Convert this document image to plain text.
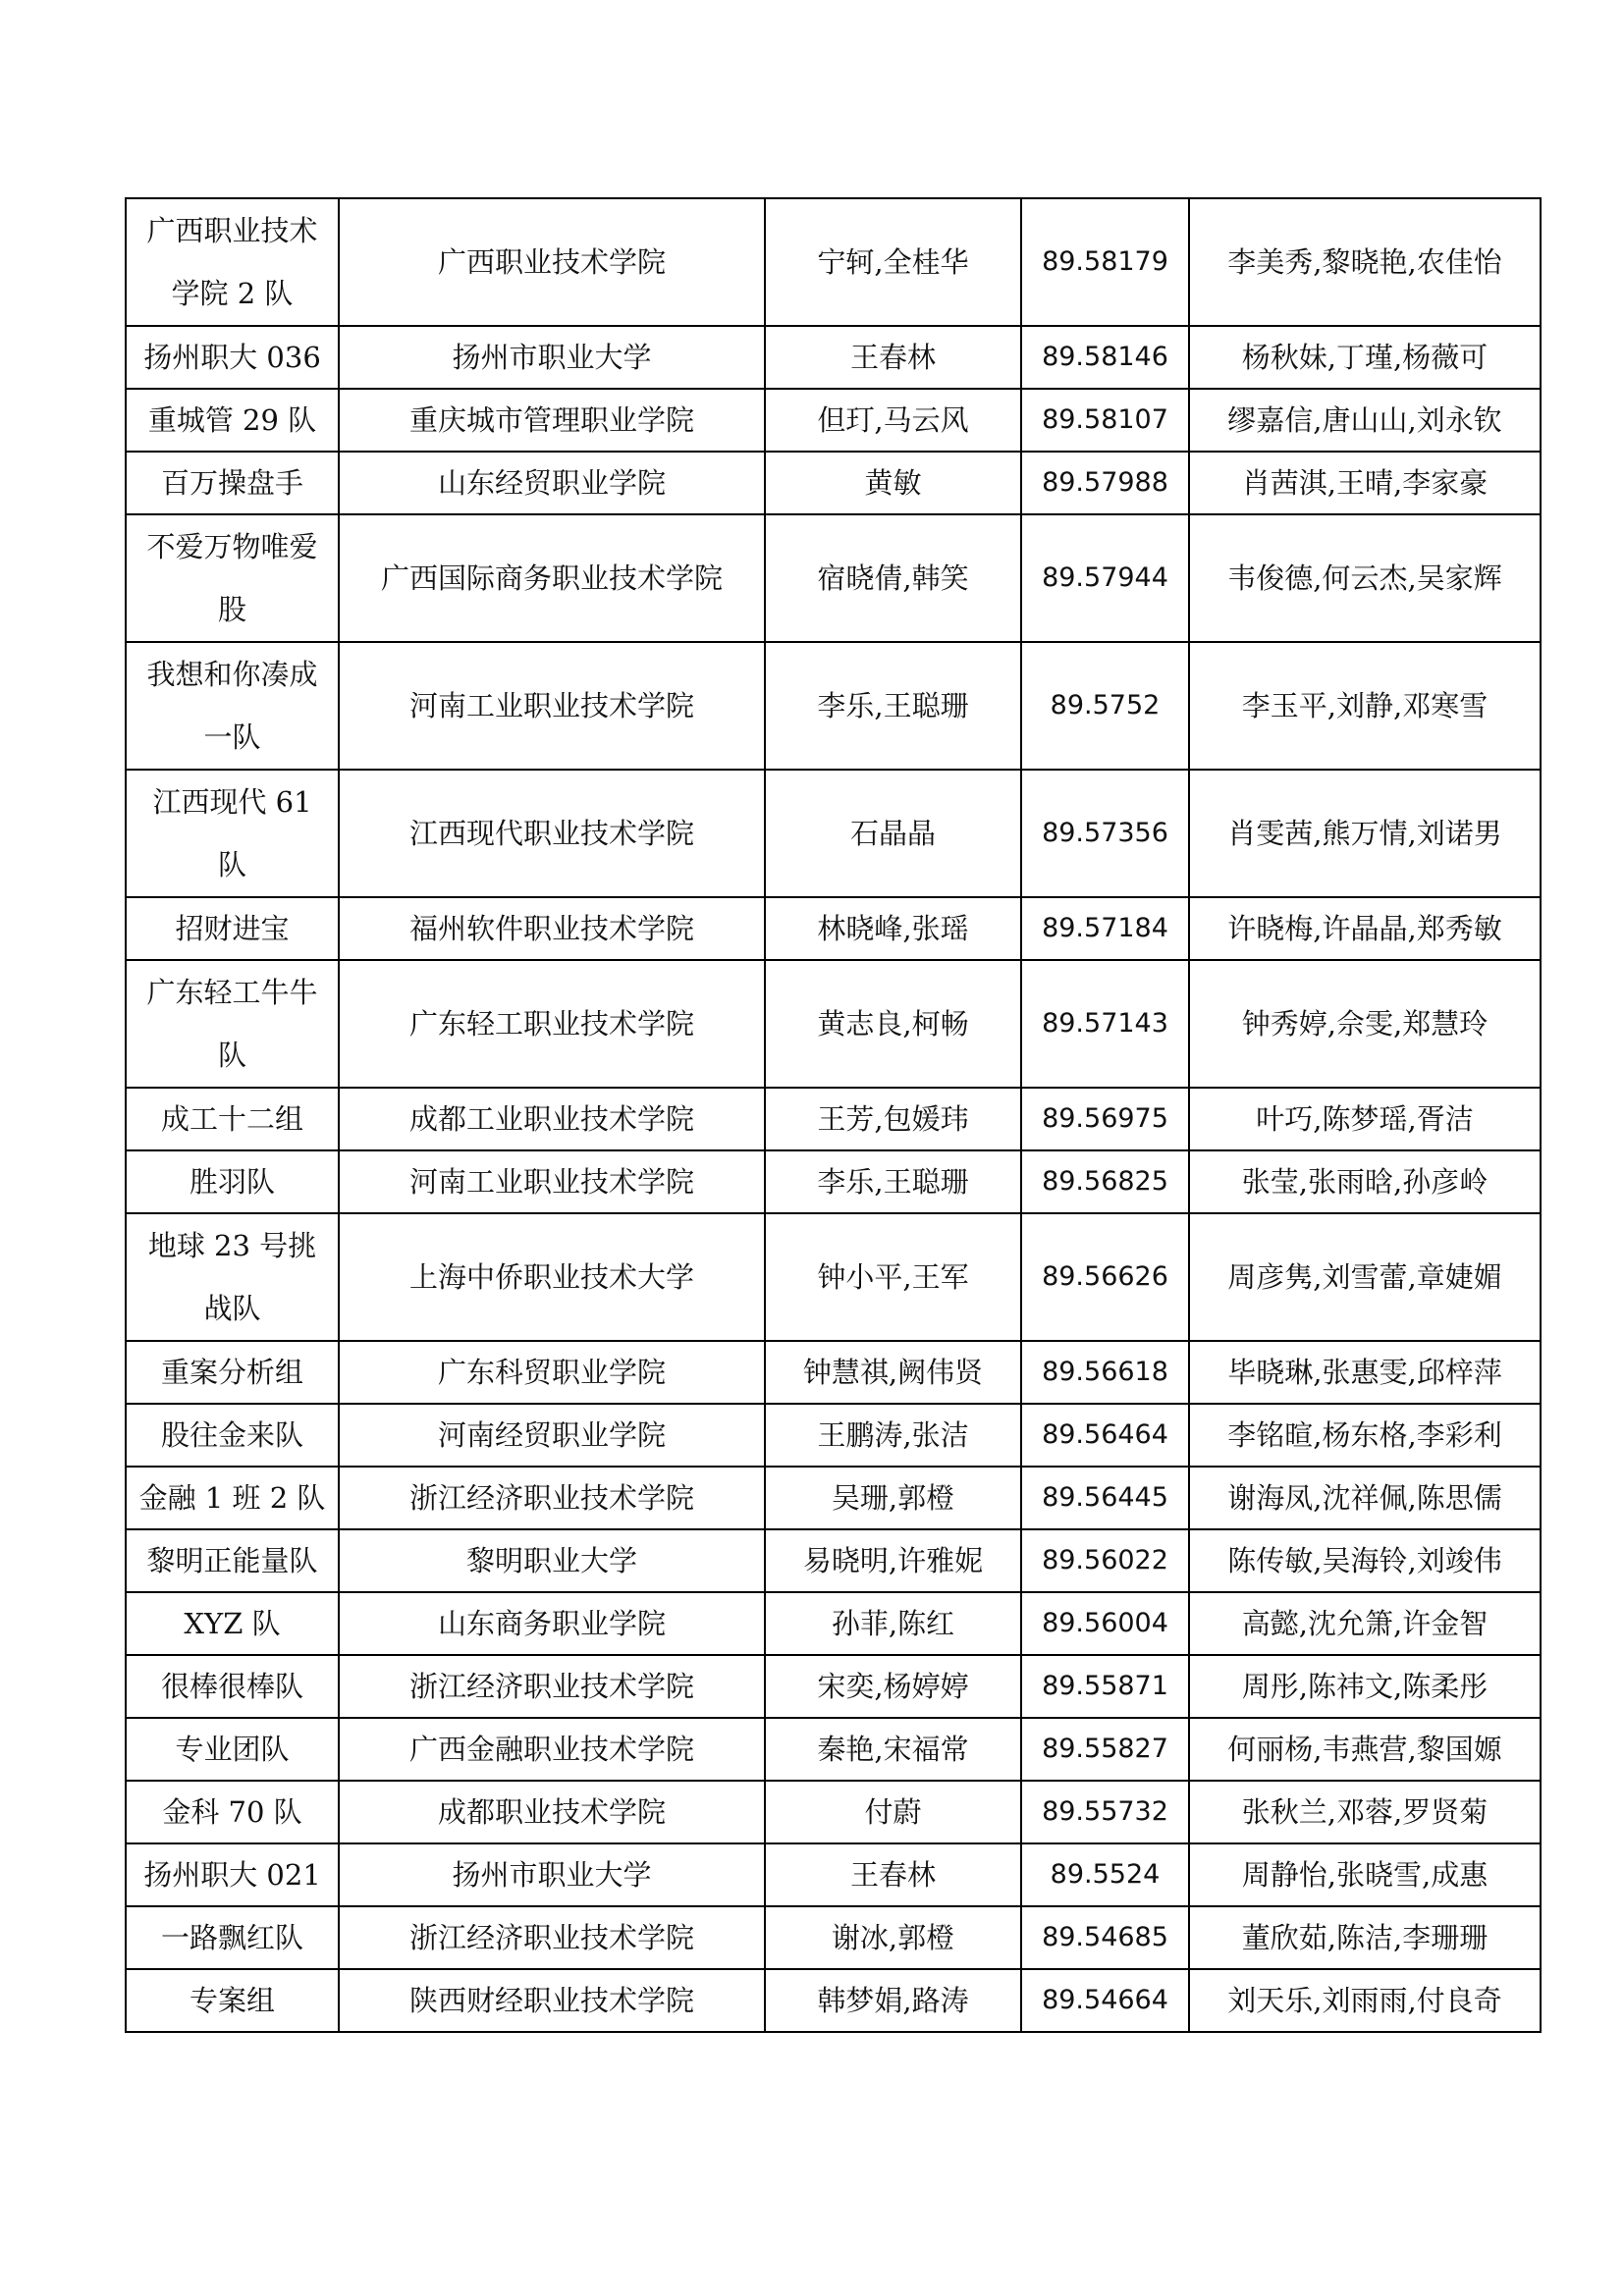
广西职业技术学院 2 队	广西职业技术学院	宁轲,全桂华	89.58179	李美秀,黎晓艳,农佳怡
扬州职大 036	扬州市职业大学	王春林	89.58146	杨秋妹,丁瑾,杨薇可
重城管 29 队	重庆城市管理职业学院	但玎,马云风	89.58107	缪嘉信,唐山山,刘永钦
百万操盘手	山东经贸职业学院	黄敏	89.57988	肖茜淇,王晴,李家豪
不爱万物唯爱股	广西国际商务职业技术学院	宿晓倩,韩笑	89.57944	韦俊德,何云杰,吴家辉
我想和你凑成一队	河南工业职业技术学院	李乐,王聪珊	89.5752	李玉平,刘静,邓寒雪
江西现代 61 队	江西现代职业技术学院	石晶晶	89.57356	肖雯茜,熊万情,刘诺男
招财进宝	福州软件职业技术学院	林晓峰,张瑶	89.57184	许晓梅,许晶晶,郑秀敏
广东轻工牛牛队	广东轻工职业技术学院	黄志良,柯畅	89.57143	钟秀婷,佘雯,郑慧玲
成工十二组	成都工业职业技术学院	王芳,包媛玮	89.56975	叶巧,陈梦瑶,胥洁
胜羽队	河南工业职业技术学院	李乐,王聪珊	89.56825	张莹,张雨晗,孙彦岭
地球 23 号挑战队	上海中侨职业技术大学	钟小平,王军	89.56626	周彦隽,刘雪蕾,章婕媚
重案分析组	广东科贸职业学院	钟慧祺,阙伟贤	89.56618	毕晓琳,张惠雯,邱梓萍
股往金来队	河南经贸职业学院	王鹏涛,张洁	89.56464	李铭暄,杨东格,李彩利
金融 1 班 2 队	浙江经济职业技术学院	吴珊,郭橙	89.56445	谢海凤,沈祥佩,陈思儒
黎明正能量队	黎明职业大学	易晓明,许雅妮	89.56022	陈传敏,吴海铃,刘竣伟
XYZ 队	山东商务职业学院	孙菲,陈红	89.56004	高懿,沈允箫,许金智
很棒很棒队	浙江经济职业技术学院	宋奕,杨婷婷	89.55871	周彤,陈祎文,陈柔彤
专业团队	广西金融职业技术学院	秦艳,宋福常	89.55827	何丽杨,韦燕营,黎国嫄
金科 70 队	成都职业技术学院	付蔚	89.55732	张秋兰,邓蓉,罗贤菊
扬州职大 021	扬州市职业大学	王春林	89.5524	周静怡,张晓雪,成惠
一路飘红队	浙江经济职业技术学院	谢冰,郭橙	89.54685	董欣茹,陈洁,李珊珊
专案组	陕西财经职业技术学院	韩梦娟,路涛	89.54664	刘天乐,刘雨雨,付良奇
